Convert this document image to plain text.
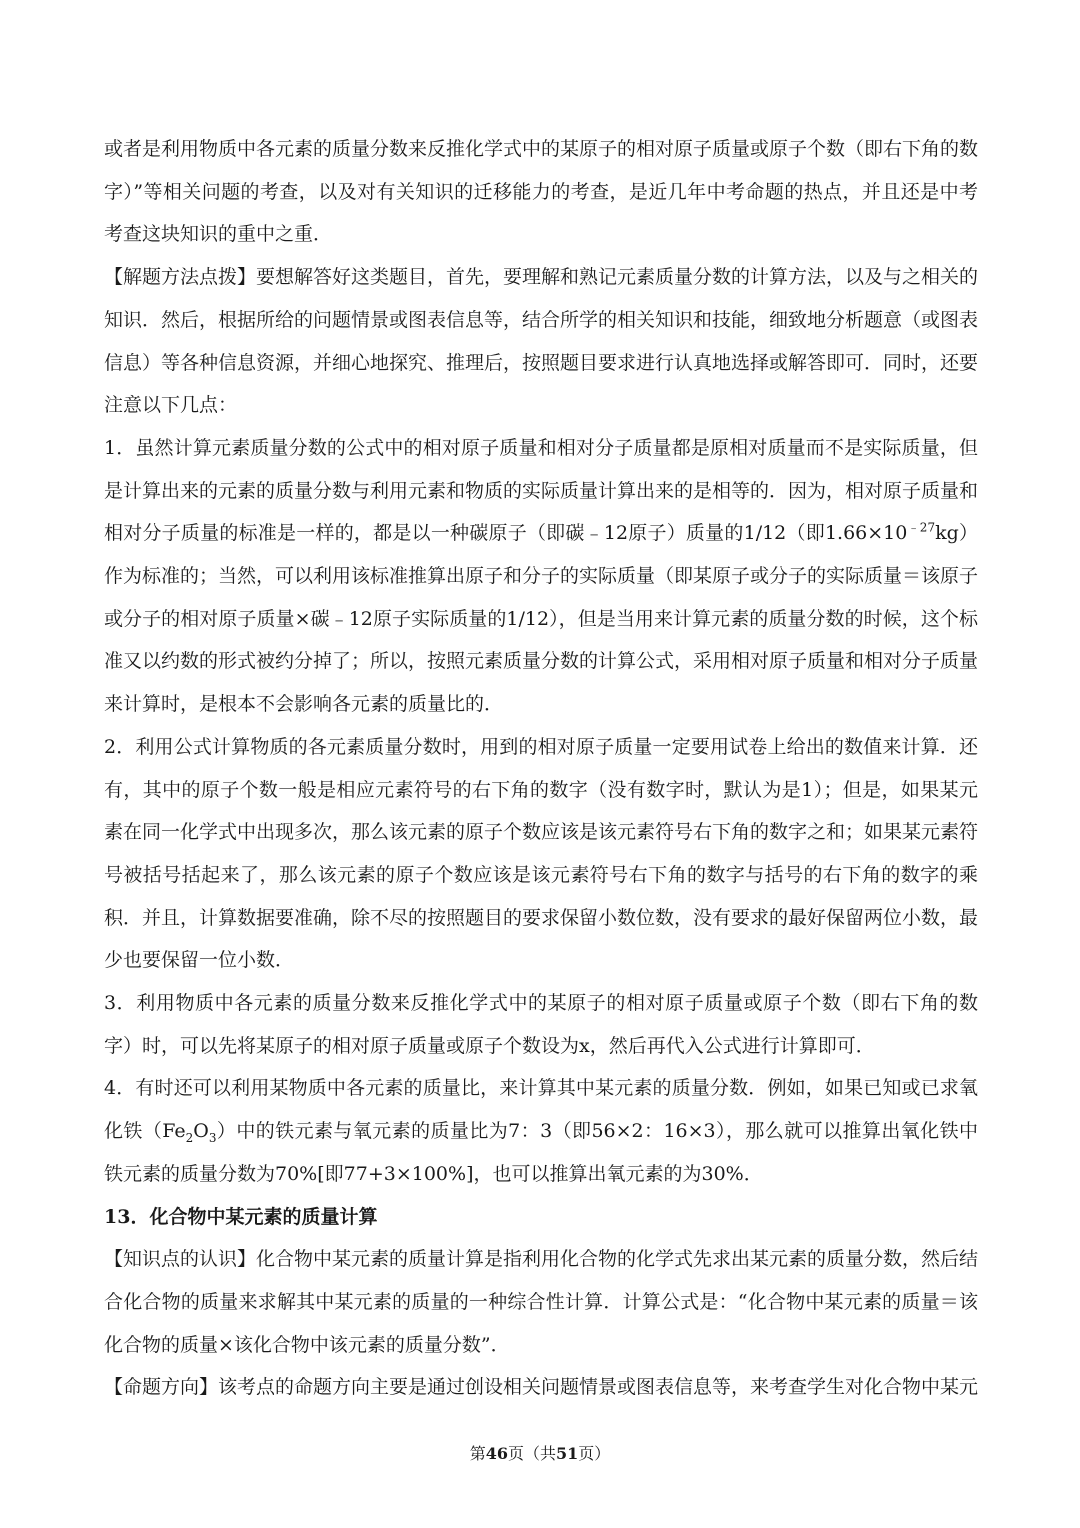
或者是利用物质中各元素的质量分数来反推化学式中的某原子的相对原子质量或原子个数（即右下角的数字）”等相关问题的考查，以及对有关知识的迁移能力的考查，是近几年中考命题的热点，并且还是中考考查这块知识的重中之重．

【解题方法点拨】要想解答好这类题目，首先，要理解和熟记元素质量分数的计算方法，以及与之相关的知识．然后，根据所给的问题情景或图表信息等，结合所学的相关知识和技能，细致地分析题意（或图表信息）等各种信息资源，并细心地探究、推理后，按照题目要求进行认真地选择或解答即可．同时，还要注意以下几点：

1．虽然计算元素质量分数的公式中的相对原子质量和相对分子质量都是原相对质量而不是实际质量，但是计算出来的元素的质量分数与利用元素和物质的实际质量计算出来的是相等的．因为，相对原子质量和相对分子质量的标准是一样的，都是以一种碳原子（即碳﹣12原子）质量的1/12（即$1.66\times 10^{﹣27}kg$）作为标准的；当然，可以利用该标准推算出原子和分子的实际质量（即某原子或分子的实际质量＝该原子或分子的相对原子质量×碳﹣12原子实际质量的1/12），但是当用来计算元素的质量分数的时候，这个标准又以约数的形式被约分掉了；所以，按照元素质量分数的计算公式，采用相对原子质量和相对分子质量来计算时，是根本不会影响各元素的质量比的．

2．利用公式计算物质的各元素质量分数时，用到的相对原子质量一定要用试卷上给出的数值来计算．还有，其中的原子个数一般是相应元素符号的右下角的数字（没有数字时，默认为是1）；但是，如果某元素在同一化学式中出现多次，那么该元素的原子个数应该是该元素符号右下角的数字之和；如果某元素符号被括号括起来了，那么该元素的原子个数应该是该元素符号右下角的数字与括号的右下角的数字的乘积．并且，计算数据要准确，除不尽的按照题目的要求保留小数位数，没有要求的最好保留两位小数，最少也要保留一位小数．

3．利用物质中各元素的质量分数来反推化学式中的某原子的相对原子质量或原子个数（即右下角的数字）时，可以先将某原子的相对原子质量或原子个数设为x，然后再代入公式进行计算即可．

4．有时还可以利用某物质中各元素的质量比，来计算其中某元素的质量分数．例如，如果已知或已求氧化铁$(Fe_2O_3)$中的铁元素与氧元素的质量比为7：3（即56×2：16×3），那么就可以推算出氧化铁中铁元素的质量分数为70%[即77+3×100%]，也可以推算出氧元素的为30%．

13．化合物中某元素的质量计算

【知识点的认识】化合物中某元素的质量计算是指利用化合物的化学式先求出某元素的质量分数，然后结合化合物的质量来求解其中某元素的质量的一种综合性计算．计算公式是：“化合物中某元素的质量＝该化合物的质量×该化合物中该元素的质量分数”．

【命题方向】该考点的命题方向主要是通过创设相关问题情景或图表信息等，来考查学生对化合物中某元

第46页（共51页）
